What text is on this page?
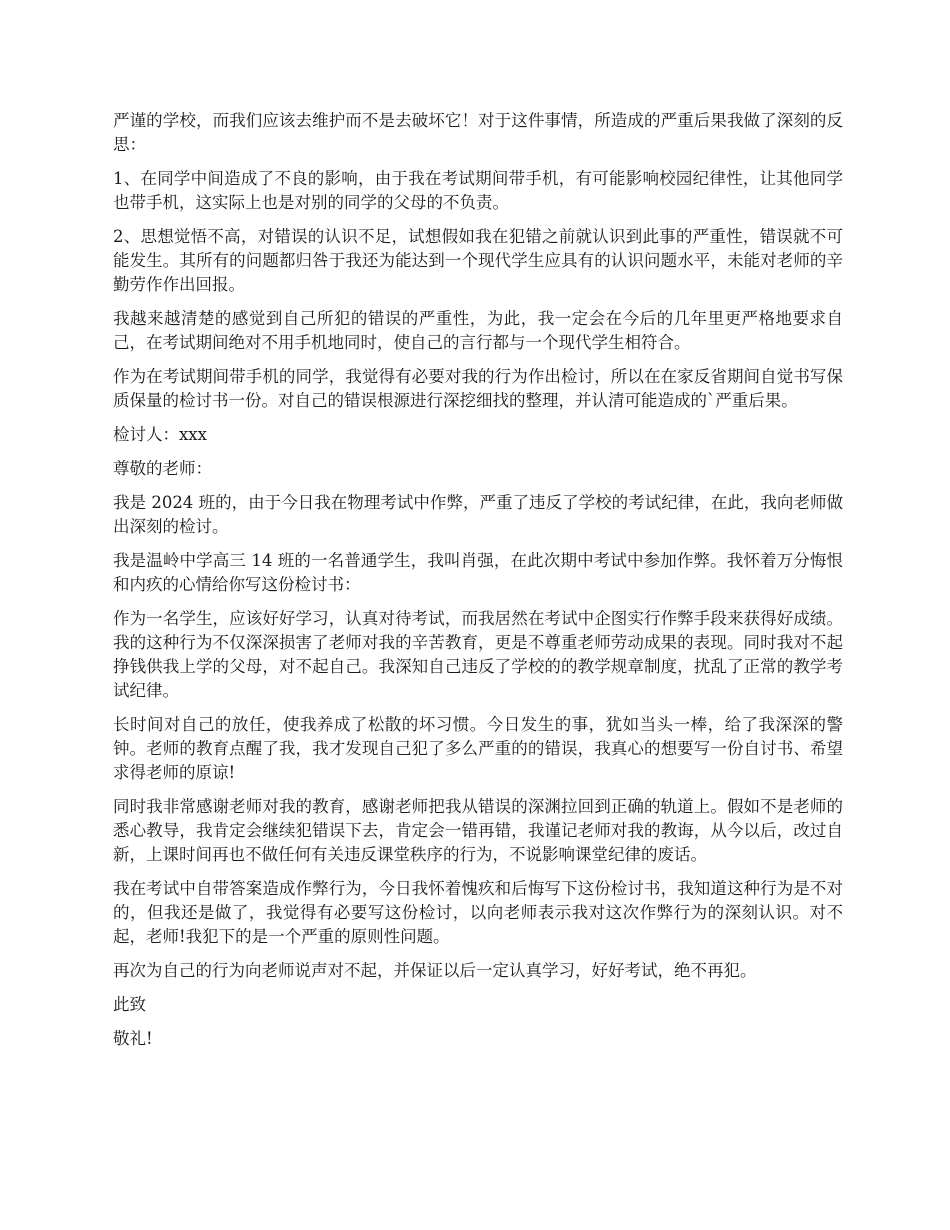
严谨的学校，而我们应该去维护而不是去破坏它！对于这件事情，所造成的严重后果我做了深刻的反思：

1、在同学中间造成了不良的影响，由于我在考试期间带手机，有可能影响校园纪律性，让其他同学也带手机，这实际上也是对别的同学的父母的不负责。

2、思想觉悟不高，对错误的认识不足，试想假如我在犯错之前就认识到此事的严重性，错误就不可能发生。其所有的问题都归咎于我还为能达到一个现代学生应具有的认识问题水平，未能对老师的辛勤劳作作出回报。

我越来越清楚的感觉到自己所犯的错误的严重性，为此，我一定会在今后的几年里更严格地要求自己，在考试期间绝对不用手机地同时，使自己的言行都与一个现代学生相符合。

作为在考试期间带手机的同学，我觉得有必要对我的行为作出检讨，所以在在家反省期间自觉书写保质保量的检讨书一份。对自己的错误根源进行深挖细找的整理，并认清可能造成的`严重后果。

检讨人：xxx

尊敬的老师：

我是 2024 班的，由于今日我在物理考试中作弊，严重了违反了学校的考试纪律，在此，我向老师做出深刻的检讨。

我是温岭中学高三 14 班的一名普通学生，我叫肖强，在此次期中考试中参加作弊。我怀着万分悔恨和内疚的心情给你写这份检讨书：

作为一名学生，应该好好学习，认真对待考试，而我居然在考试中企图实行作弊手段来获得好成绩。我的这种行为不仅深深损害了老师对我的辛苦教育，更是不尊重老师劳动成果的表现。同时我对不起挣钱供我上学的父母，对不起自己。我深知自己违反了学校的的教学规章制度，扰乱了正常的教学考试纪律。

长时间对自己的放任，使我养成了松散的坏习惯。今日发生的事，犹如当头一棒，给了我深深的警钟。老师的教育点醒了我，我才发现自己犯了多么严重的的错误，我真心的想要写一份自讨书、希望求得老师的原谅!

同时我非常感谢老师对我的教育，感谢老师把我从错误的深渊拉回到正确的轨道上。假如不是老师的悉心教导，我肯定会继续犯错误下去，肯定会一错再错，我谨记老师对我的教诲，从今以后，改过自新，上课时间再也不做任何有关违反课堂秩序的行为，不说影响课堂纪律的废话。

我在考试中自带答案造成作弊行为，今日我怀着愧疚和后悔写下这份检讨书，我知道这种行为是不对的，但我还是做了，我觉得有必要写这份检讨，以向老师表示我对这次作弊行为的深刻认识。对不起，老师!我犯下的是一个严重的原则性问题。

再次为自己的行为向老师说声对不起，并保证以后一定认真学习，好好考试，绝不再犯。

此致

敬礼!
